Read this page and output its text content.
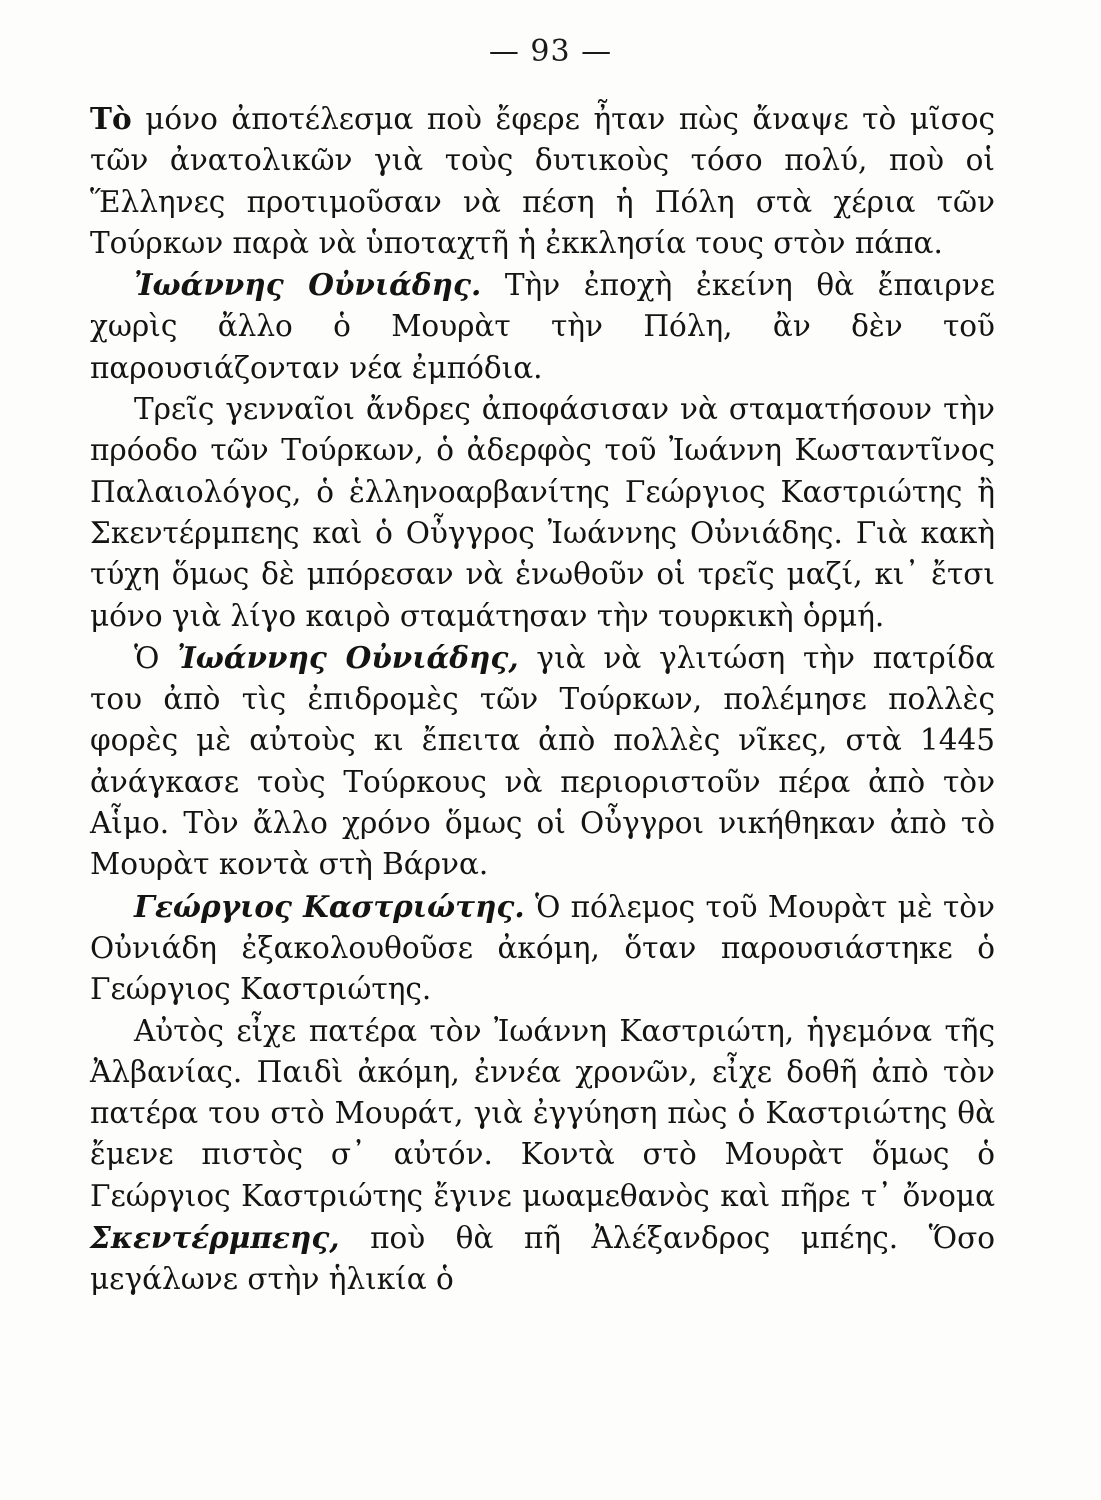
— 93 —

Τὸ μόνο ἀποτέλεσμα ποὺ ἔφερε ἦταν πὼς ἄναψε τὸ μῖσος τῶν ἀνατολικῶν γιὰ τοὺς δυτικοὺς τόσο πολύ, ποὺ οἱ Ἕλληνες προτιμοῦσαν νὰ πέση ἡ Πόλη στὰ χέρια τῶν Τούρκων παρὰ νὰ ὑποταχτῆ ἡ ἐκκλησία τους στὸν πάπα.

Ἰωάννης Οὐνιάδης. Τὴν ἐποχὴ ἐκείνη θὰ ἔπαιρνε χωρὶς ἄλλο ὁ Μουρὰτ τὴν Πόλη, ἂν δὲν τοῦ παρουσιάζονταν νέα ἐμπόδια.

Τρεῖς γενναῖοι ἄνδρες ἀποφάσισαν νὰ σταματήσουν τὴν πρόοδο τῶν Τούρκων, ὁ ἀδερφὸς τοῦ Ἰωάννη Κωσταντῖνος Παλαιολόγος, ὁ ἑλληνοαρβανίτης Γεώργιος Καστριώτης ἢ Σκεντέρμπεης καὶ ὁ Οὖγγρος Ἰωάννης Οὐνιάδης. Γιὰ κακὴ τύχη ὅμως δὲ μπόρεσαν νὰ ἑνωθοῦν οἱ τρεῖς μαζί, κι᾽ ἔτσι μόνο γιὰ λίγο καιρὸ σταμάτησαν τὴν τουρκικὴ ὁρμή.

Ὁ Ἰωάννης Οὐνιάδης, γιὰ νὰ γλιτώση τὴν πατρίδα του ἀπὸ τὶς ἐπιδρομὲς τῶν Τούρκων, πολέμησε πολλὲς φορὲς μὲ αὐτοὺς κι ἔπειτα ἀπὸ πολλὲς νῖκες, στὰ 1445 ἀνάγκασε τοὺς Τούρκους νὰ περιοριστοῦν πέρα ἀπὸ τὸν Αἷμο. Τὸν ἄλλο χρόνο ὅμως οἱ Οὖγγροι νικήθηκαν ἀπὸ τὸ Μουρὰτ κοντὰ στὴ Βάρνα.

Γεώργιος Καστριώτης. Ὁ πόλεμος τοῦ Μουρὰτ μὲ τὸν Οὐνιάδη ἐξακολουθοῦσε ἀκόμη, ὅταν παρουσιάστηκε ὁ Γεώργιος Καστριώτης.

Αὐτὸς εἶχε πατέρα τὸν Ἰωάννη Καστριώτη, ἡγεμόνα τῆς Ἀλβανίας. Παιδὶ ἀκόμη, ἐννέα χρονῶν, εἶχε δοθῆ ἀπὸ τὸν πατέρα του στὸ Μουράτ, γιὰ ἐγγύηση πὼς ὁ Καστριώτης θὰ ἔμενε πιστὸς σ᾽ αὐτόν. Κοντὰ στὸ Μουρὰτ ὅμως ὁ Γεώργιος Καστριώτης ἔγινε μωαμεθανὸς καὶ πῆρε τ᾽ ὄνομα Σκεντέρμπεης, ποὺ θὰ πῆ Ἀλέξανδρος μπέης. Ὅσο μεγάλωνε στὴν ἡλικία ὁ
